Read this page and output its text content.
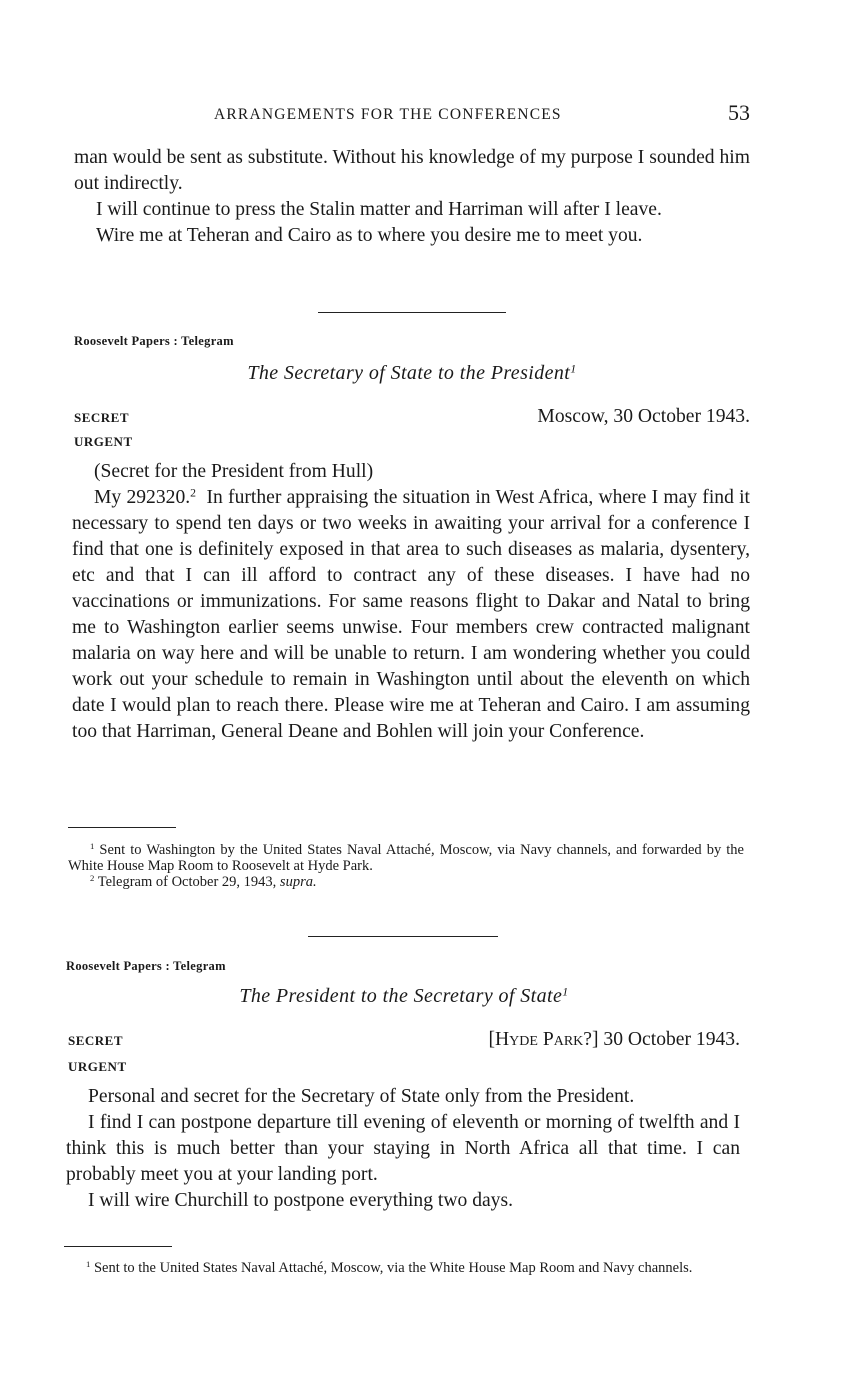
ARRANGEMENTS FOR THE CONFERENCES	53

man would be sent as substitute. Without his knowledge of my purpose I sounded him out indirectly.

I will continue to press the Stalin matter and Harriman will after I leave.

Wire me at Teheran and Cairo as to where you desire me to meet you.

Roosevelt Papers : Telegram
The Secretary of State to the President$^1$
SECRET	Moscow, 30 October 1943.
URGENT

(Secret for the President from Hull)

My 292320.$^2$ In further appraising the situation in West Africa, where I may find it necessary to spend ten days or two weeks in awaiting your arrival for a conference I find that one is definitely exposed in that area to such diseases as malaria, dysentery, etc and that I can ill afford to contract any of these diseases. I have had no vaccinations or immunizations. For same reasons flight to Dakar and Natal to bring me to Washington earlier seems unwise. Four members crew contracted malignant malaria on way here and will be unable to return. I am wondering whether you could work out your schedule to remain in Washington until about the eleventh on which date I would plan to reach there. Please wire me at Teheran and Cairo. I am assuming too that Harriman, General Deane and Bohlen will join your Conference.

$^1$ Sent to Washington by the United States Naval Attaché, Moscow, via Navy channels, and forwarded by the White House Map Room to Roosevelt at Hyde Park.

$^2$ Telegram of October 29, 1943, supra.

Roosevelt Papers : Telegram
The President to the Secretary of State$^1$
SECRET	[Hyde Park?] 30 October 1943.
URGENT

Personal and secret for the Secretary of State only from the President.

I find I can postpone departure till evening of eleventh or morning of twelfth and I think this is much better than your staying in North Africa all that time. I can probably meet you at your landing port.

I will wire Churchill to postpone everything two days.

$^1$ Sent to the United States Naval Attaché, Moscow, via the White House Map Room and Navy channels.
